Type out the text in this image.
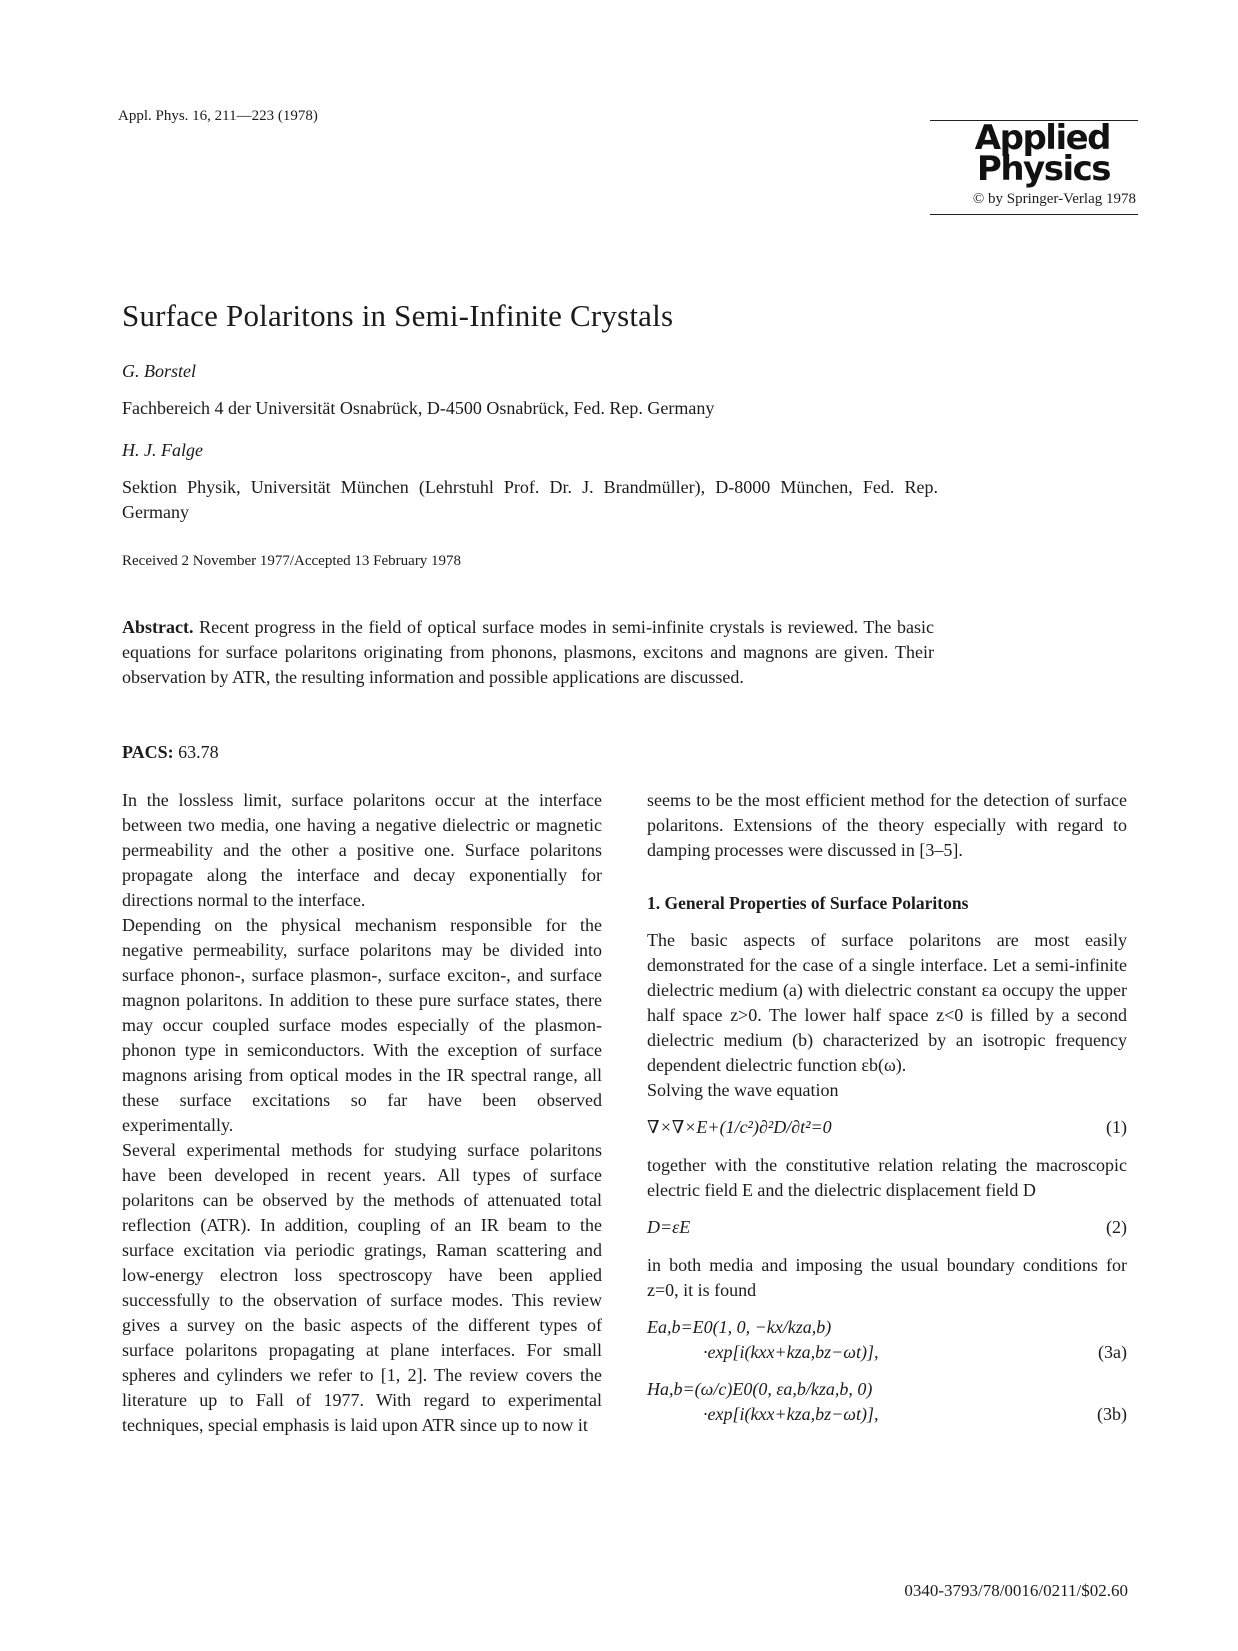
Appl. Phys. 16, 211—223 (1978)
Applied
Physics
© by Springer-Verlag 1978
Surface Polaritons in Semi-Infinite Crystals
G. Borstel
Fachbereich 4 der Universität Osnabrück, D-4500 Osnabrück, Fed. Rep. Germany
H. J. Falge
Sektion Physik, Universität München (Lehrstuhl Prof. Dr. J. Brandmüller), D-8000 München, Fed. Rep. Germany
Received 2 November 1977/Accepted 13 February 1978
Abstract. Recent progress in the field of optical surface modes in semi-infinite crystals is reviewed. The basic equations for surface polaritons originating from phonons, plasmons, excitons and magnons are given. Their observation by ATR, the resulting information and possible applications are discussed.
PACS: 63.78

In the lossless limit, surface polaritons occur at the interface between two media, one having a negative dielectric or magnetic permeability and the other a positive one. Surface polaritons propagate along the interface and decay exponentially for directions normal to the interface.

Depending on the physical mechanism responsible for the negative permeability, surface polaritons may be divided into surface phonon-, surface plasmon-, surface exciton-, and surface magnon polaritons. In addition to these pure surface states, there may occur coupled surface modes especially of the plasmon-phonon type in semiconductors. With the exception of surface magnons arising from optical modes in the IR spectral range, all these surface excitations so far have been observed experimentally.

Several experimental methods for studying surface polaritons have been developed in recent years. All types of surface polaritons can be observed by the methods of attenuated total reflection (ATR). In addition, coupling of an IR beam to the surface excitation via periodic gratings, Raman scattering and low-energy electron loss spectroscopy have been applied successfully to the observation of surface modes. This review gives a survey on the basic aspects of the different types of surface polaritons propagating at plane interfaces. For small spheres and cylinders we refer to [1, 2]. The review covers the literature up to Fall of 1977. With regard to experimental techniques, special emphasis is laid upon ATR since up to now it

seems to be the most efficient method for the detection of surface polaritons. Extensions of the theory especially with regard to damping processes were discussed in [3–5].

1. General Properties of Surface Polaritons

The basic aspects of surface polaritons are most easily demonstrated for the case of a single interface. Let a semi-infinite dielectric medium (a) with dielectric constant εa occupy the upper half space z>0. The lower half space z<0 is filled by a second dielectric medium (b) characterized by an isotropic frequency dependent dielectric function εb(ω).

Solving the wave equation

∇×∇×E+(1/c²)∂²D/∂t²=0	(1)

together with the constitutive relation relating the macroscopic electric field E and the dielectric displacement field D

D=εE	(2)

in both media and imposing the usual boundary conditions for z=0, it is found

Ea,b=E0(1, 0, −kx/kza,b)
·exp[i(kxx+kza,bz−ωt)],	(3a)
Ha,b=(ω/c)E0(0, εa,b/kza,b, 0)
·exp[i(kxx+kza,bz−ωt)],	(3b)
0340-3793/78/0016/0211/$02.60
